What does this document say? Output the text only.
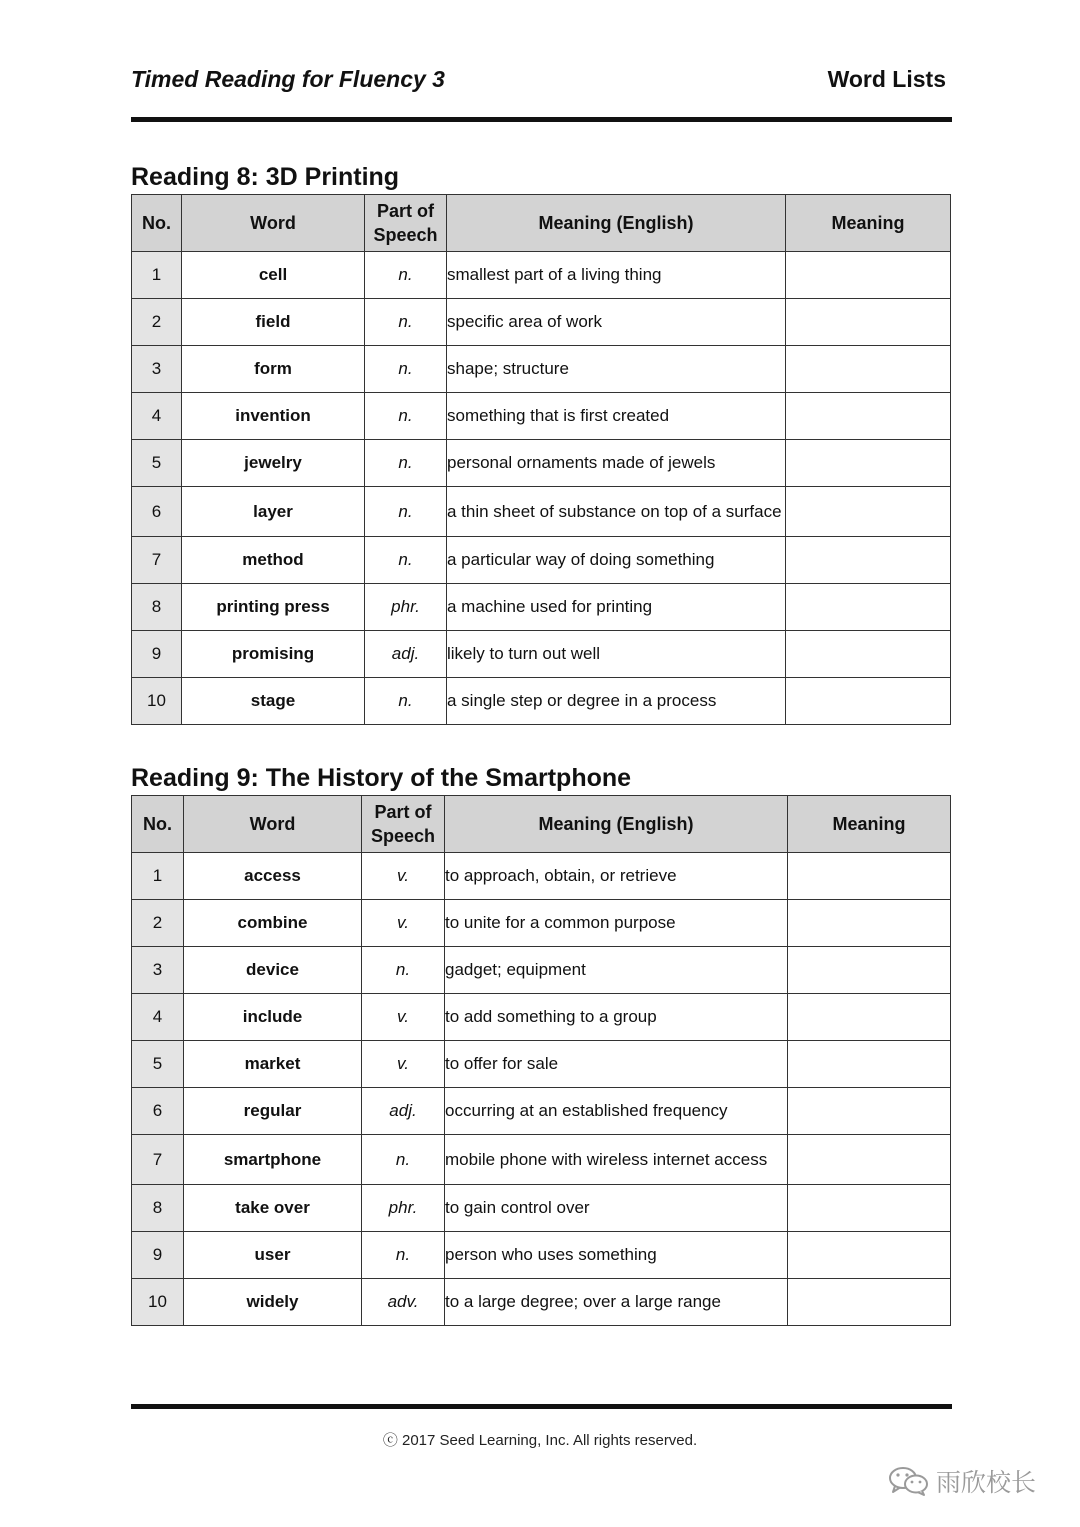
Timed Reading for Fluency 3	Word Lists
Reading 8: 3D Printing
No.	Word	Part of Speech	Meaning (English)	Meaning
1	cell	n.	smallest part of a living thing	
2	field	n.	specific area of work	
3	form	n.	shape; structure	
4	invention	n.	something that is first created	
5	jewelry	n.	personal ornaments made of jewels	
6	layer	n.	a thin sheet of substance on top of a surface	
7	method	n.	a particular way of doing something	
8	printing press	phr.	a machine used for printing	
9	promising	adj.	likely to turn out well	
10	stage	n.	a single step or degree in a process	
Reading 9: The History of the Smartphone
No.	Word	Part of Speech	Meaning (English)	Meaning
1	access	v.	to approach, obtain, or retrieve	
2	combine	v.	to unite for a common purpose	
3	device	n.	gadget; equipment	
4	include	v.	to add something to a group	
5	market	v.	to offer for sale	
6	regular	adj.	occurring at an established frequency	
7	smartphone	n.	mobile phone with wireless internet access	
8	take over	phr.	to gain control over	
9	user	n.	person who uses something	
10	widely	adv.	to a large degree; over a large range	
ⓒ 2017 Seed Learning, Inc. All rights reserved.
雨欣校长
